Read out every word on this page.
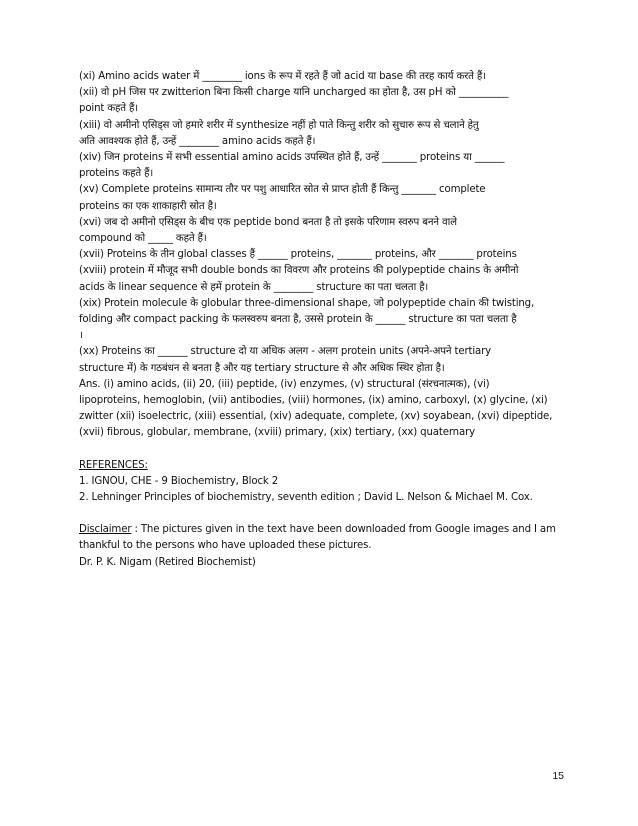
(xi) Amino acids water में ________ ions के रूप में रहते हैं जो acid या base की तरह कार्य करते हैं।
(xii) वो pH जिस पर zwitterion बिना किसी charge यानि uncharged का होता है, उस pH को __________
point कहते हैं।
(xiii) वो अमीनो एसिड्स जो हमारे शरीर में synthesize नहीं हो पाते किन्तु शरीर को सुचारु रूप से चलाने हेतु
अति आवश्यक होते हैं, उन्हें ________ amino acids कहते हैं।
(xiv) जिन proteins में सभी essential amino acids उपस्थित होते हैं, उन्हें _______ proteins या ______
proteins कहते हैं।
(xv) Complete proteins सामान्य तौर पर पशु आधारित स्रोत से प्राप्त होती हैं किन्तु _______ complete
proteins का एक शाकाहारी स्रोत है।
(xvi) जब दो अमीनो एसिड्स के बीच एक peptide bond बनता है तो इसके परिणाम स्वरुप बनने वाले
compound को _____ कहते हैं।
(xvii) Proteins के तीन global classes हैं ______ proteins, _______ proteins, और _______ proteins
(xviii) protein में मौजूद सभी double bonds का विवरण और proteins की polypeptide chains के अमीनो
acids के linear sequence से हमें protein के ________ structure का पता चलता है।
(xix) Protein molecule के globular three-dimensional shape, जो polypeptide chain की twisting,
folding और compact packing के फलस्वरुप बनता है, उससे protein के ______ structure का पता चलता है
।
(xx) Proteins का ______ structure दो या अधिक अलग - अलग protein units (अपने-अपने tertiary
structure में) के गठबंधन से बनता है और यह tertiary structure से और अधिक स्थिर होता है।
Ans. (i) amino acids, (ii) 20, (iii) peptide, (iv) enzymes, (v) structural (संरचनात्मक), (vi)
lipoproteins, hemoglobin, (vii) antibodies, (viii) hormones, (ix) amino, carboxyl, (x) glycine, (xi)
zwitter (xii) isoelectric, (xiii) essential, (xiv) adequate, complete, (xv) soyabean, (xvi) dipeptide,
(xvii) fibrous, globular, membrane, (xviii) primary, (xix) tertiary, (xx) quaternary
REFERENCES:
1. IGNOU, CHE - 9 Biochemistry, Block 2
2. Lehninger Principles of biochemistry, seventh edition ; David L. Nelson & Michael M. Cox.
Disclaimer : The pictures given in the text have been downloaded from Google images and I am
thankful to the persons who have uploaded these pictures.
Dr. P. K. Nigam (Retired Biochemist)
15
